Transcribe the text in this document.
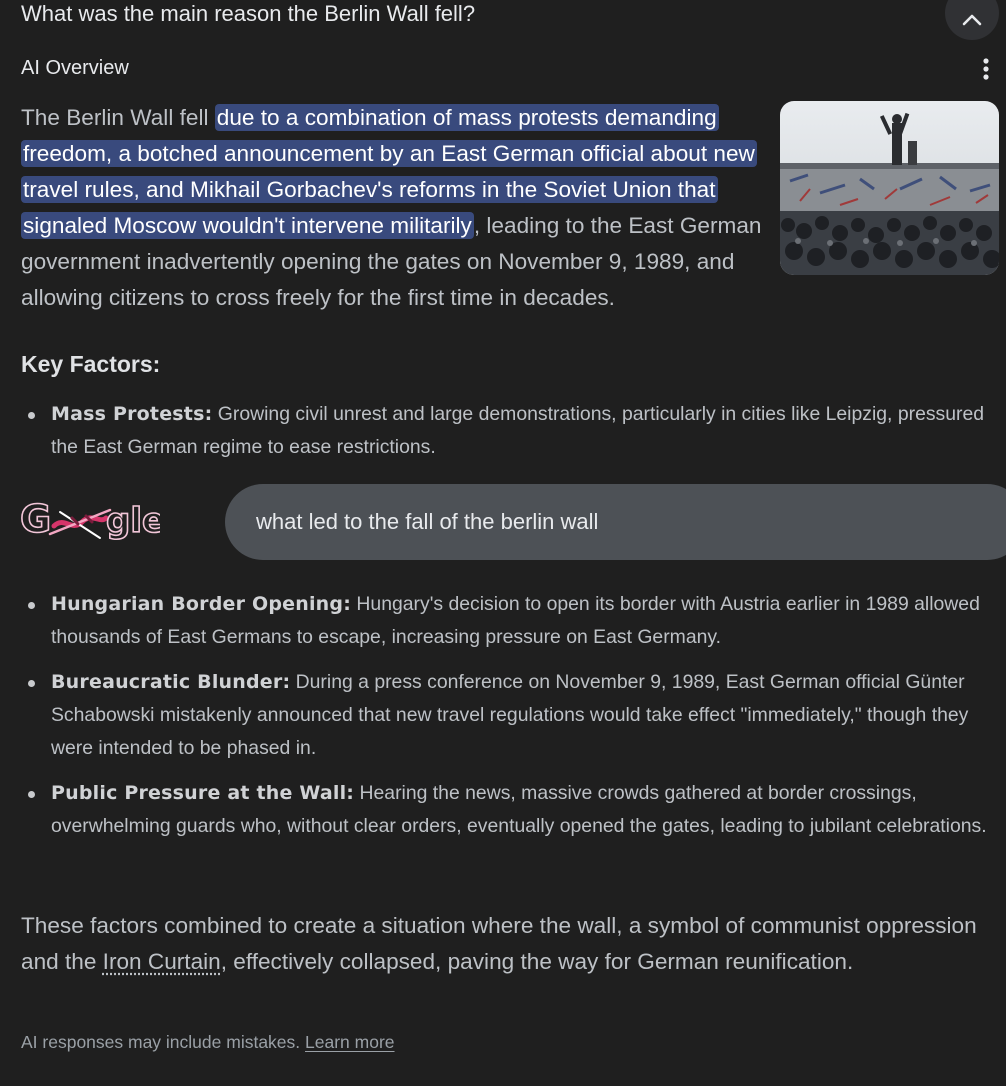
What was the main reason the Berlin Wall fell?
AI Overview
The Berlin Wall fell due to a combination of mass protests demanding freedom, a botched announcement by an East German official about new travel rules, and Mikhail Gorbachev's reforms in the Soviet Union that signaled Moscow wouldn't intervene militarily, leading to the East German government inadvertently opening the gates on November 9, 1989, and allowing citizens to cross freely for the first time in decades.
Key Factors:
Mass Protests: Growing civil unrest and large demonstrations, particularly in cities like Leipzig, pressured the East German regime to ease restrictions.
G gle	what led to the fall of the berlin wall
Hungarian Border Opening: Hungary's decision to open its border with Austria earlier in 1989 allowed thousands of East Germans to escape, increasing pressure on East Germany.
Bureaucratic Blunder: During a press conference on November 9, 1989, East German official Günter Schabowski mistakenly announced that new travel regulations would take effect "immediately," though they were intended to be phased in.
Public Pressure at the Wall: Hearing the news, massive crowds gathered at border crossings, overwhelming guards who, without clear orders, eventually opened the gates, leading to jubilant celebrations.
These factors combined to create a situation where the wall, a symbol of communist oppression and the Iron Curtain, effectively collapsed, paving the way for German reunification.
AI responses may include mistakes. Learn more
